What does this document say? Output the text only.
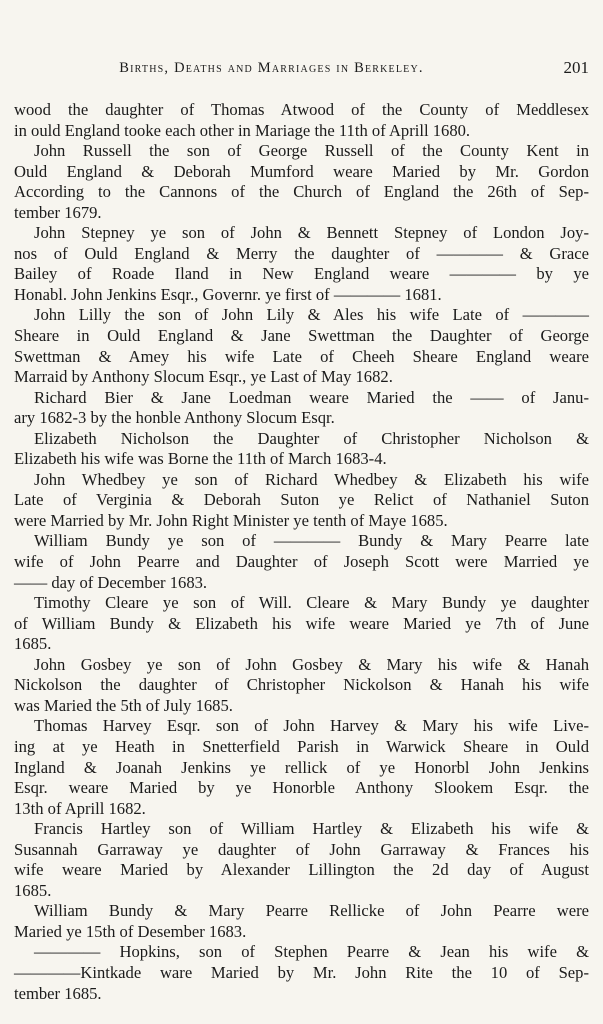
Births, Deaths and Marriages in Berkeley.	201
wood the daughter of Thomas Atwood of the County of Meddlesex
in ould England tooke each other in Mariage the 11th of Aprill 1680.
John Russell the son of George Russell of the County Kent in
Ould England & Deborah Mumford weare Maried by Mr. Gordon
According to the Cannons of the Church of England the 26th of Sep-
tember 1679.
John Stepney ye son of John & Bennett Stepney of London Joy-
nos of Ould England & Merry the daughter of ———— & Grace
Bailey of Roade Iland in New England weare ———— by ye
Honabl. John Jenkins Esqr., Governr. ye first of ———— 1681.
John Lilly the son of John Lily & Ales his wife Late of ————
Sheare in Ould England & Jane Swettman the Daughter of George
Swettman & Amey his wife Late of Cheeh Sheare England weare
Marraid by Anthony Slocum Esqr., ye Last of May 1682.
Richard Bier & Jane Loedman weare Maried the —— of Janu-
ary 1682-3 by the honble Anthony Slocum Esqr.
Elizabeth Nicholson the Daughter of Christopher Nicholson &
Elizabeth his wife was Borne the 11th of March 1683-4.
John Whedbey ye son of Richard Whedbey & Elizabeth his wife
Late of Verginia & Deborah Suton ye Relict of Nathaniel Suton
were Married by Mr. John Right Minister ye tenth of Maye 1685.
William Bundy ye son of ———— Bundy & Mary Pearre late
wife of John Pearre and Daughter of Joseph Scott were Married ye
—— day of December 1683.
Timothy Cleare ye son of Will. Cleare & Mary Bundy ye daughter
of William Bundy & Elizabeth his wife weare Maried ye 7th of June
1685.
John Gosbey ye son of John Gosbey & Mary his wife & Hanah
Nickolson the daughter of Christopher Nickolson & Hanah his wife
was Maried the 5th of July 1685.
Thomas Harvey Esqr. son of John Harvey & Mary his wife Live-
ing at ye Heath in Snetterfield Parish in Warwick Sheare in Ould
Ingland & Joanah Jenkins ye rellick of ye Honorbl John Jenkins
Esqr. weare Maried by ye Honorble Anthony Slookem Esqr. the
13th of Aprill 1682.
Francis Hartley son of William Hartley & Elizabeth his wife &
Susannah Garraway ye daughter of John Garraway & Frances his
wife weare Maried by Alexander Lillington the 2d day of August
1685.
William Bundy & Mary Pearre Rellicke of John Pearre were
Maried ye 15th of Desember 1683.
———— Hopkins, son of Stephen Pearre & Jean his wife &
————Kintkade ware Maried by Mr. John Rite the 10 of Sep-
tember 1685.
